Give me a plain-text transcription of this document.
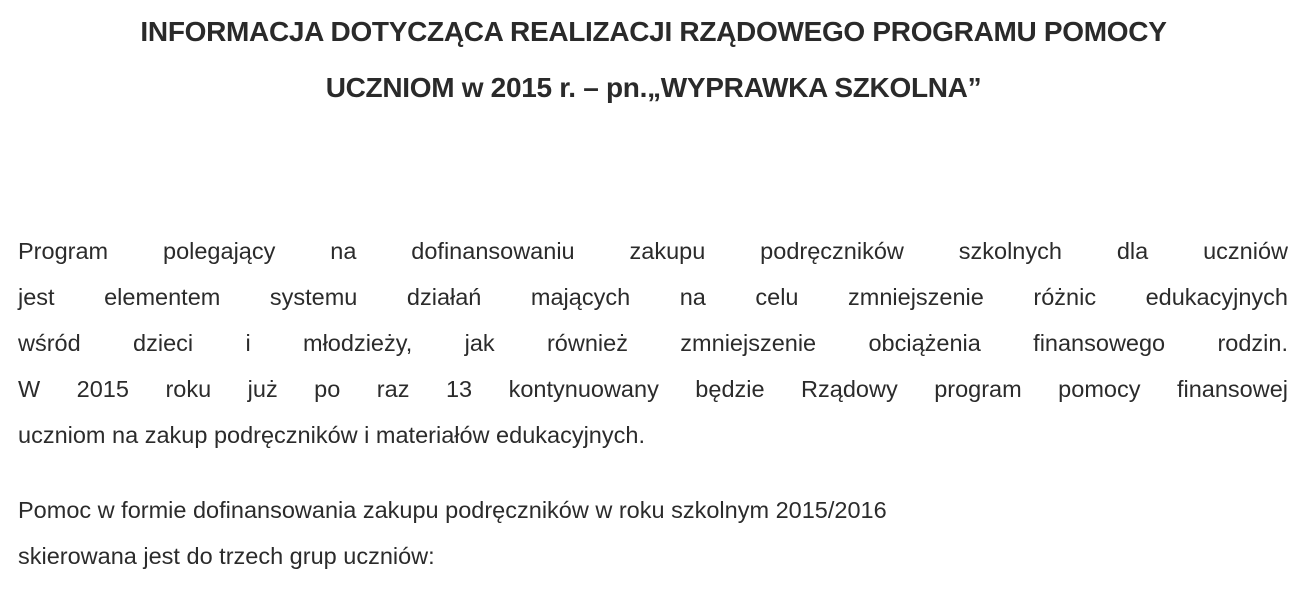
INFORMACJA DOTYCZĄCA REALIZACJI RZĄDOWEGO PROGRAMU POMOCY
UCZNIOM w 2015 r. – pn.„WYPRAWKA SZKOLNA”
Program polegający na dofinansowaniu zakupu podręczników szkolnych dla uczniów
jest elementem systemu działań mających na celu zmniejszenie różnic edukacyjnych
wśród dzieci i młodzieży, jak również zmniejszenie obciążenia finansowego rodzin.
W 2015 roku już po raz 13 kontynuowany będzie Rządowy program pomocy finansowej
uczniom na zakup podręczników i materiałów edukacyjnych.
Pomoc w formie dofinansowania zakupu podręczników w roku szkolnym 2015/2016
skierowana jest do trzech grup uczniów:
